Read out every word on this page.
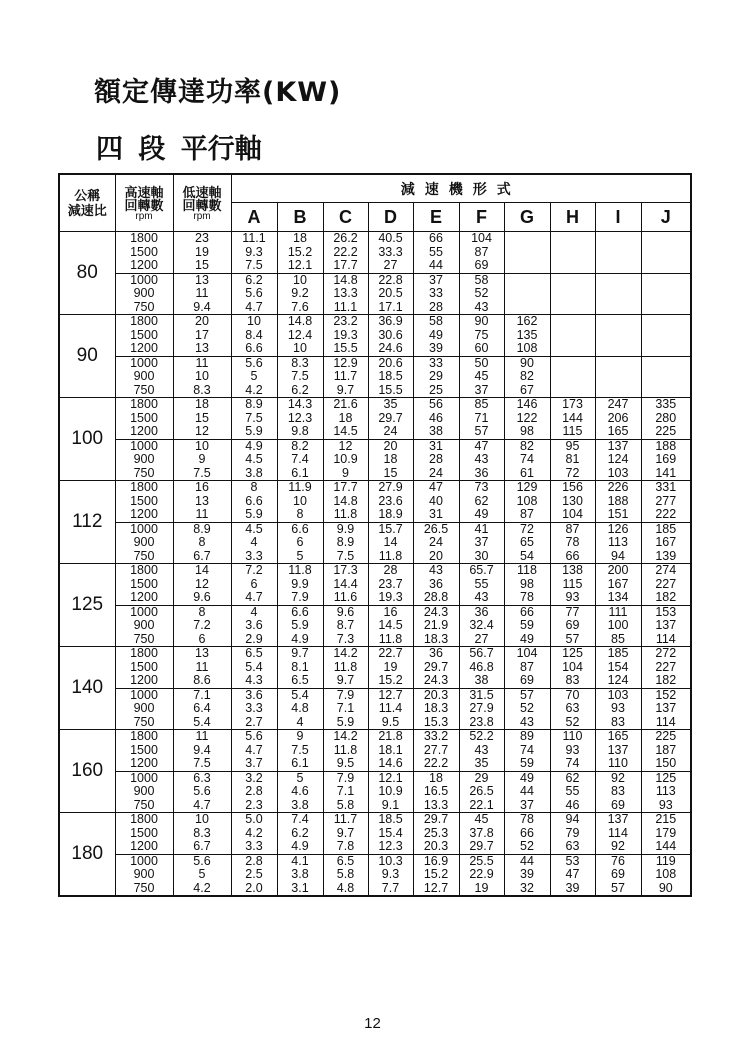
額定傳達功率(KW)
四 段 平行軸
公稱
減速比	高速軸
回轉數
rpm	低速軸
回轉數
rpm	減速機形式									
			A	B	C	D	E	F	G	H	I	J
80	1800	23	11.1	18	26.2	40.5	66	104				
	1500	19	9.3	15.2	22.2	33.3	55	87				
	1200	15	7.5	12.1	17.7	27	44	69				
	1000	13	6.2	10	14.8	22.8	37	58				
	900	11	5.6	9.2	13.3	20.5	33	52				
	750	9.4	4.7	7.6	11.1	17.1	28	43				
90	1800	20	10	14.8	23.2	36.9	58	90	162			
	1500	17	8.4	12.4	19.3	30.6	49	75	135			
	1200	13	6.6	10	15.5	24.6	39	60	108			
	1000	11	5.6	8.3	12.9	20.6	33	50	90			
	900	10	5	7.5	11.7	18.5	29	45	82			
	750	8.3	4.2	6.2	9.7	15.5	25	37	67			
100	1800	18	8.9	14.3	21.6	35	56	85	146	173	247	335
	1500	15	7.5	12.3	18	29.7	46	71	122	144	206	280
	1200	12	5.9	9.8	14.5	24	38	57	98	115	165	225
	1000	10	4.9	8.2	12	20	31	47	82	95	137	188
	900	9	4.5	7.4	10.9	18	28	43	74	81	124	169
	750	7.5	3.8	6.1	9	15	24	36	61	72	103	141
112	1800	16	8	11.9	17.7	27.9	47	73	129	156	226	331
	1500	13	6.6	10	14.8	23.6	40	62	108	130	188	277
	1200	11	5.9	8	11.8	18.9	31	49	87	104	151	222
	1000	8.9	4.5	6.6	9.9	15.7	26.5	41	72	87	126	185
	900	8	4	6	8.9	14	24	37	65	78	113	167
	750	6.7	3.3	5	7.5	11.8	20	30	54	66	94	139
125	1800	14	7.2	11.8	17.3	28	43	65.7	118	138	200	274
	1500	12	6	9.9	14.4	23.7	36	55	98	115	167	227
	1200	9.6	4.7	7.9	11.6	19.3	28.8	43	78	93	134	182
	1000	8	4	6.6	9.6	16	24.3	36	66	77	111	153
	900	7.2	3.6	5.9	8.7	14.5	21.9	32.4	59	69	100	137
	750	6	2.9	4.9	7.3	11.8	18.3	27	49	57	85	114
140	1800	13	6.5	9.7	14.2	22.7	36	56.7	104	125	185	272
	1500	11	5.4	8.1	11.8	19	29.7	46.8	87	104	154	227
	1200	8.6	4.3	6.5	9.7	15.2	24.3	38	69	83	124	182
	1000	7.1	3.6	5.4	7.9	12.7	20.3	31.5	57	70	103	152
	900	6.4	3.3	4.8	7.1	11.4	18.3	27.9	52	63	93	137
	750	5.4	2.7	4	5.9	9.5	15.3	23.8	43	52	83	114
160	1800	11	5.6	9	14.2	21.8	33.2	52.2	89	110	165	225
	1500	9.4	4.7	7.5	11.8	18.1	27.7	43	74	93	137	187
	1200	7.5	3.7	6.1	9.5	14.6	22.2	35	59	74	110	150
	1000	6.3	3.2	5	7.9	12.1	18	29	49	62	92	125
	900	5.6	2.8	4.6	7.1	10.9	16.5	26.5	44	55	83	113
	750	4.7	2.3	3.8	5.8	9.1	13.3	22.1	37	46	69	93
180	1800	10	5.0	7.4	11.7	18.5	29.7	45	78	94	137	215
	1500	8.3	4.2	6.2	9.7	15.4	25.3	37.8	66	79	114	179
	1200	6.7	3.3	4.9	7.8	12.3	20.3	29.7	52	63	92	144
	1000	5.6	2.8	4.1	6.5	10.3	16.9	25.5	44	53	76	119
	900	5	2.5	3.8	5.8	9.3	15.2	22.9	39	47	69	108
	750	4.2	2.0	3.1	4.8	7.7	12.7	19	32	39	57	90
12
